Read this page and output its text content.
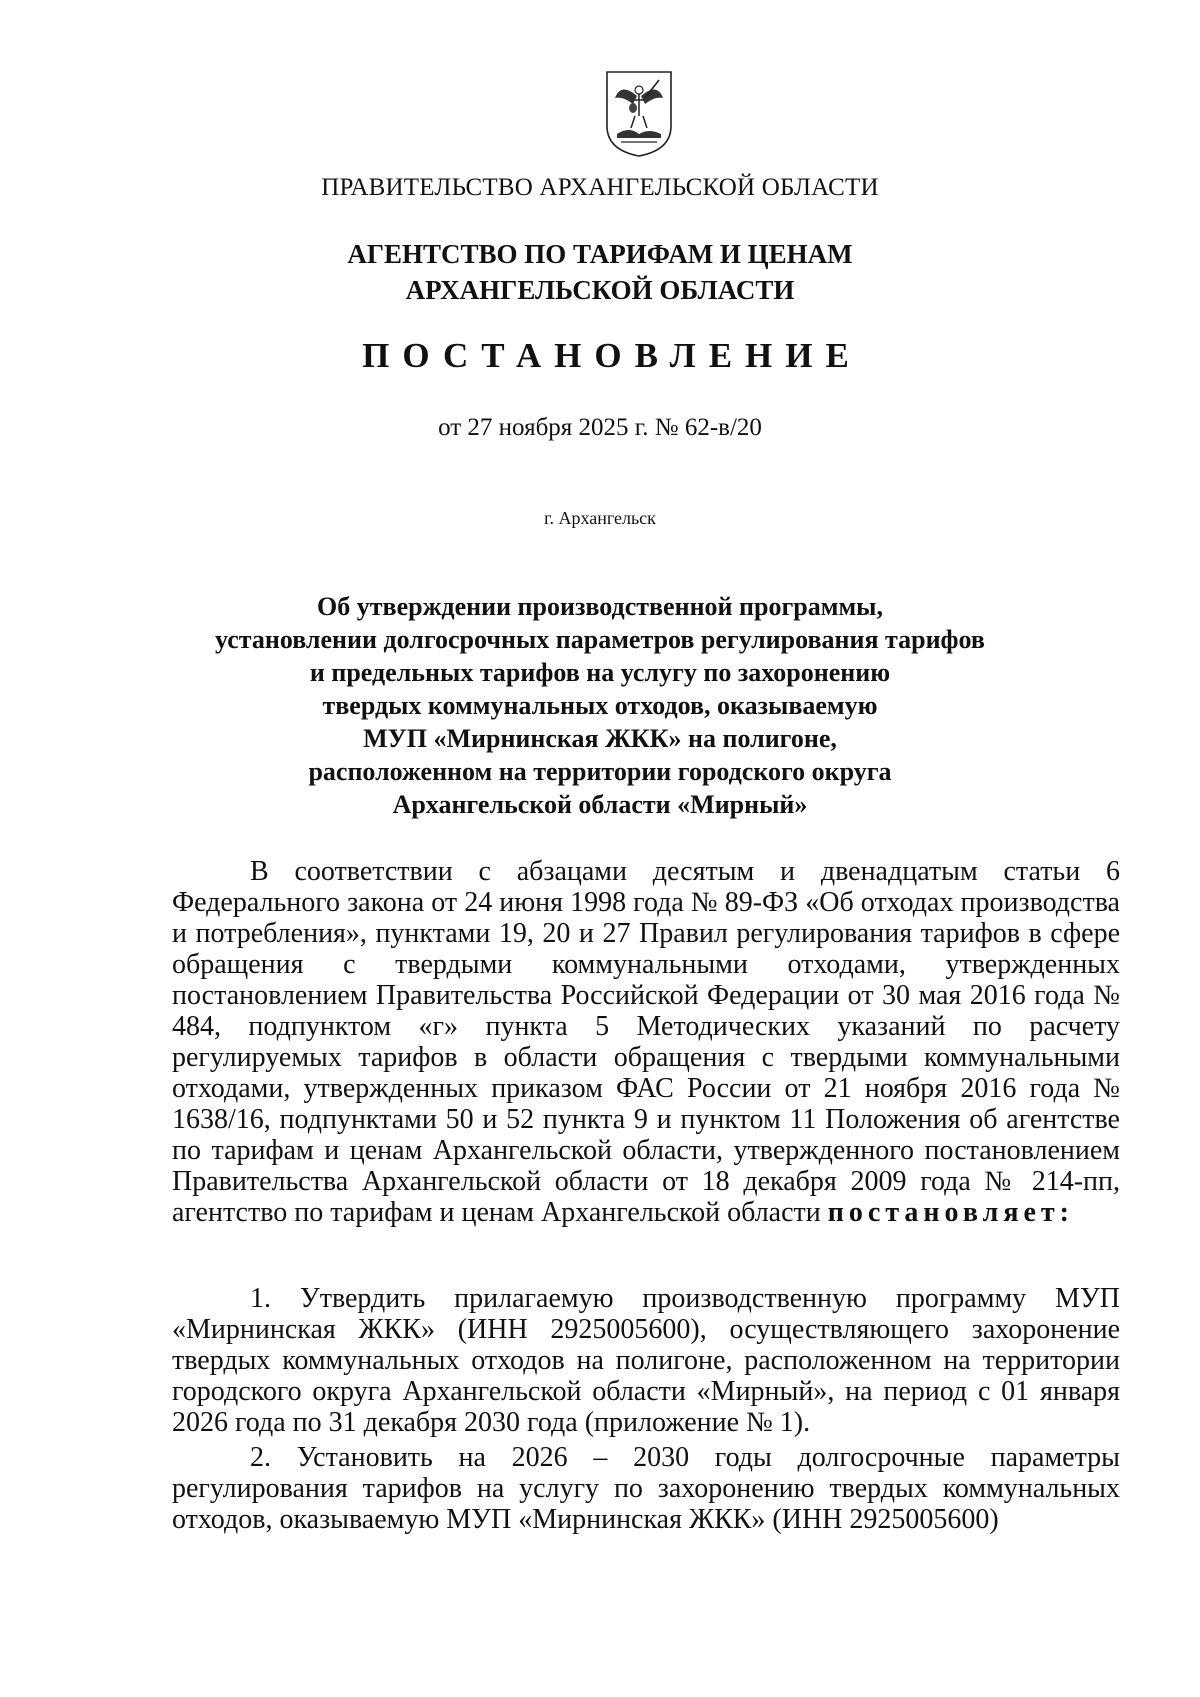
ПРАВИТЕЛЬСТВО АРХАНГЕЛЬСКОЙ ОБЛАСТИ
АГЕНТСТВО ПО ТАРИФАМ И ЦЕНАМ
АРХАНГЕЛЬСКОЙ ОБЛАСТИ
ПОСТАНОВЛЕНИЕ
от 27 ноября 2025 г. № 62-в/20
г. Архангельск
Об утверждении производственной программы,
установлении долгосрочных параметров регулирования тарифов
и предельных тарифов на услугу по захоронению
твердых коммунальных отходов, оказываемую
МУП «Мирнинская ЖКК» на полигоне,
расположенном на территории городского округа
Архангельской области «Мирный»

В соответствии с абзацами десятым и двенадцатым статьи 6 Федерального закона от 24 июня 1998 года № 89-ФЗ «Об отходах производства и потребления», пунктами 19, 20 и 27 Правил регулирования тарифов в сфере обращения с твердыми коммунальными отходами, утвержденных постановлением Правительства Российской Федерации от 30 мая 2016 года № 484, подпунктом «г» пункта 5 Методических указаний по расчету регулируемых тарифов в области обращения с твердыми коммунальными отходами, утвержденных приказом ФАС России от 21 ноября 2016 года № 1638/16, подпунктами 50 и 52 пункта 9 и пунктом 11 Положения об агентстве по тарифам и ценам Архангельской области, утвержденного постановлением Правительства Архангельской области от 18 декабря 2009 года № 214-пп, агентство по тарифам и ценам Архангельской области постановляет:

1. Утвердить прилагаемую производственную программу МУП «Мирнинская ЖКК» (ИНН 2925005600), осуществляющего захоронение твердых коммунальных отходов на полигоне, расположенном на территории городского округа Архангельской области «Мирный», на период с 01 января 2026 года по 31 декабря 2030 года (приложение № 1).

2. Установить на 2026 – 2030 годы долгосрочные параметры регулирования тарифов на услугу по захоронению твердых коммунальных отходов, оказываемую МУП «Мирнинская ЖКК» (ИНН 2925005600)
